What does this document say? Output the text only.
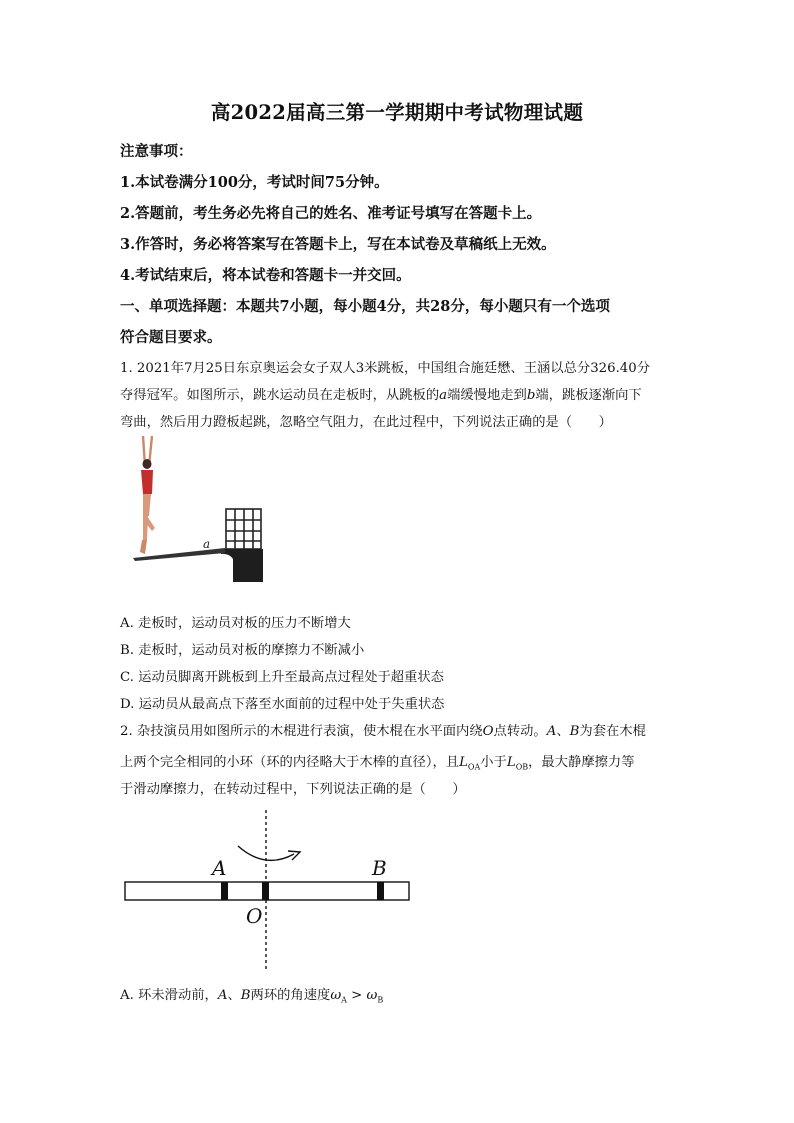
高2022届高三第一学期期中考试物理试题
注意事项：
1.本试卷满分100分，考试时间75分钟。
2.答题前，考生务必先将自己的姓名、准考证号填写在答题卡上。
3.作答时，务必将答案写在答题卡上，写在本试卷及草稿纸上无效。
4.考试结束后，将本试卷和答题卡一并交回。
一、单项选择题：本题共7小题，每小题4分，共28分，每小题只有一个选项
符合题目要求。
1. 2021年7月25日东京奥运会女子双人3米跳板，中国组合施廷懋、王涵以总分326.40分
夺得冠军。如图所示，跳水运动员在走板时，从跳板的a端缓慢地走到b端，跳板逐渐向下
弯曲，然后用力蹬板起跳，忽略空气阻力，在此过程中，下列说法正确的是（　　）
a
A. 走板时，运动员对板的压力不断增大
B. 走板时，运动员对板的摩擦力不断减小
C. 运动员脚离开跳板到上升至最高点过程处于超重状态
D. 运动员从最高点下落至水面前的过程中处于失重状态
2. 杂技演员用如图所示的木棍进行表演，使木棍在水平面内绕O点转动。A、B为套在木棍
上两个完全相同的小环（环的内径略大于木棒的直径），且$L_{OA}$小于$L_{OB}$，最大静摩擦力等
于滑动摩擦力，在转动过程中，下列说法正确的是（　　）
A	B
O
A. 环未滑动前，A、B两环的角速度$\omega_A > \omega_B$
